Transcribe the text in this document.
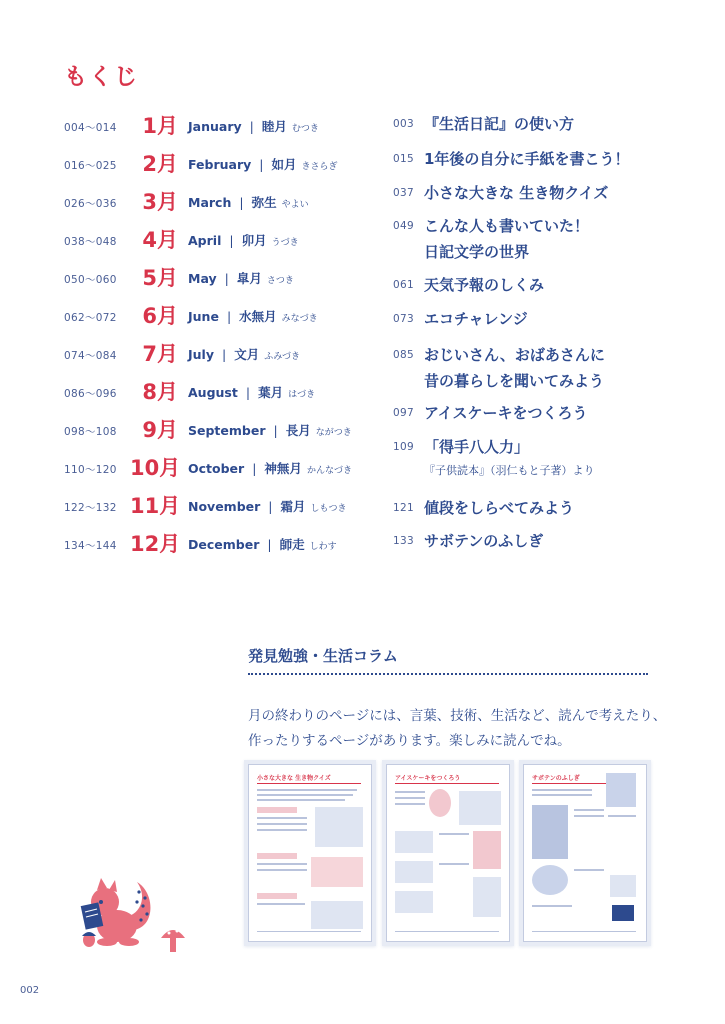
もくじ
004〜014	1月 January | 睦月 むつき
016〜025	2月 February | 如月 きさらぎ
026〜036	3月 March | 弥生 やよい
038〜048	4月 April | 卯月 うづき
050〜060	5月 May | 皐月 さつき
062〜072	6月 June | 水無月 みなづき
074〜084	7月 July | 文月 ふみづき
086〜096	8月 August | 葉月 はづき
098〜108	9月 September | 長月 ながつき
110〜120 10月 October | 神無月 かんなづき
122〜132 11月 November | 霜月 しもつき
134〜144 12月 December | 師走 しわす
003 『生活日記』の使い方
015 1年後の自分に手紙を書こう！
037 小さな大きな 生き物クイズ
049 こんな人も書いていた！
日記文学の世界
061 天気予報のしくみ
073 エコチャレンジ
085 おじいさん、おばあさんに
昔の暮らしを聞いてみよう
097 アイスケーキをつくろう
109 「得手八人力」
『子供読本』（羽仁もと子著）より
121 値段をしらべてみよう
133 サボテンのふしぎ
発見勉強・生活コラム
月の終わりのページには、言葉、技術、生活など、読んで考えたり、
作ったりするページがあります。楽しみに読んでね。
小さな大きな 生き物クイズ	アイスケーキをつくろう	サボテンのふしぎ
002
